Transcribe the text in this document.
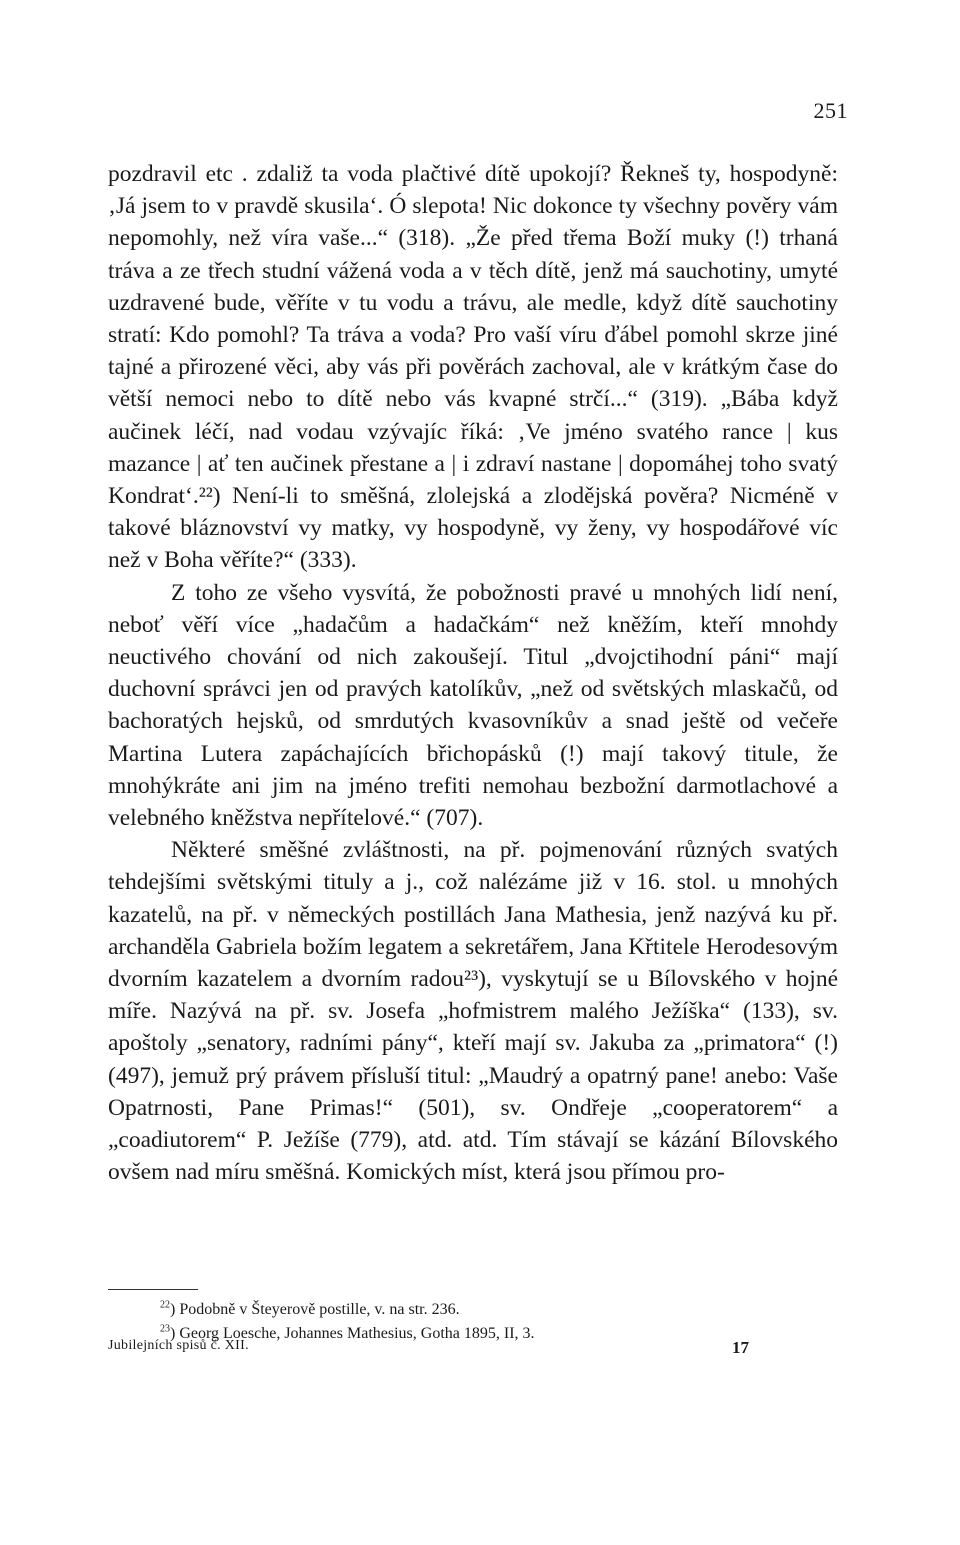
251

pozdravil etc . zdaliž ta voda plačtivé dítě upokojí? Řekneš ty, hospodyně: ‚Já jsem to v pravdě skusila‘. Ó slepota! Nic dokonce ty všechny pověry vám nepomohly, než víra vaše...“ (318). „Že před třema Boží muky (!) trhaná tráva a ze třech studní vážená voda a v těch dítě, jenž má sauchotiny, umyté uzdravené bude, věříte v tu vodu a trávu, ale medle, když dítě sauchotiny stratí: Kdo pomohl? Ta tráva a voda? Pro vaší víru ďábel pomohl skrze jiné tajné a přirozené věci, aby vás při pověrách zachoval, ale v krátkým čase do větší nemoci nebo to dítě nebo vás kvapné strčí...“ (319). „Bába když aučinek léčí, nad vodau vzývajíc říká: ‚Ve jméno svatého rance | kus mazance | ať ten aučinek přestane a | i zdraví nastane | dopomáhej toho svatý Kondrat‘.²²) Není-li to směšná, zlolejská a zlodějská pověra? Nicméně v takové bláznovství vy matky, vy hospodyně, vy ženy, vy hospodářové víc než v Boha věříte?“ (333).

Z toho ze všeho vysvítá, že pobožnosti pravé u mnohých lidí není, neboť věří více „hadačům a hadačkám“ než kněžím, kteří mnohdy neuctivého chování od nich zakoušejí. Titul „dvojctihodní páni“ mají duchovní správci jen od pravých katolíkův, „než od světských mlaskačů, od bachoratých hejsků, od smrdutých kvasovníkův a snad ještě od večeře Martina Lutera zapáchajících břichopásků (!) mají takový titule, že mnohýkráte ani jim na jméno trefiti nemohau bezbožní darmotlachové a velebného kněžstva nepřítelové.“ (707).

Některé směšné zvláštnosti, na př. pojmenování různých svatých tehdejšími světskými tituly a j., což nalézáme již v 16. stol. u mnohých kazatelů, na př. v německých postillách Jana Mathesia, jenž nazývá ku př. archanděla Gabriela božím legatem a sekretářem, Jana Křtitele Herodesovým dvorním kazatelem a dvorním radou²³), vyskytují se u Bílovského v hojné míře. Nazývá na př. sv. Josefa „hofmistrem malého Ježíška“ (133), sv. apoštoly „senatory, radními pány“, kteří mají sv. Jakuba za „primatora“ (!) (497), jemuž prý právem přísluší titul: „Maudrý a opatrný pane! anebo: Vaše Opatrnosti, Pane Primas!“ (501), sv. Ondřeje „cooperatorem“ a „coadiutorem“ P. Ježíše (779), atd. atd. Tím stávají se kázání Bílovského ovšem nad míru směšná. Komických míst, která jsou přímou pro-

$^{22}$) Podobně v Šteyerově postille, v. na str. 236.

$^{23}$) Georg Loesche, Johannes Mathesius, Gotha 1895, II, 3.

Jubilejních spisů č. XII.	17
